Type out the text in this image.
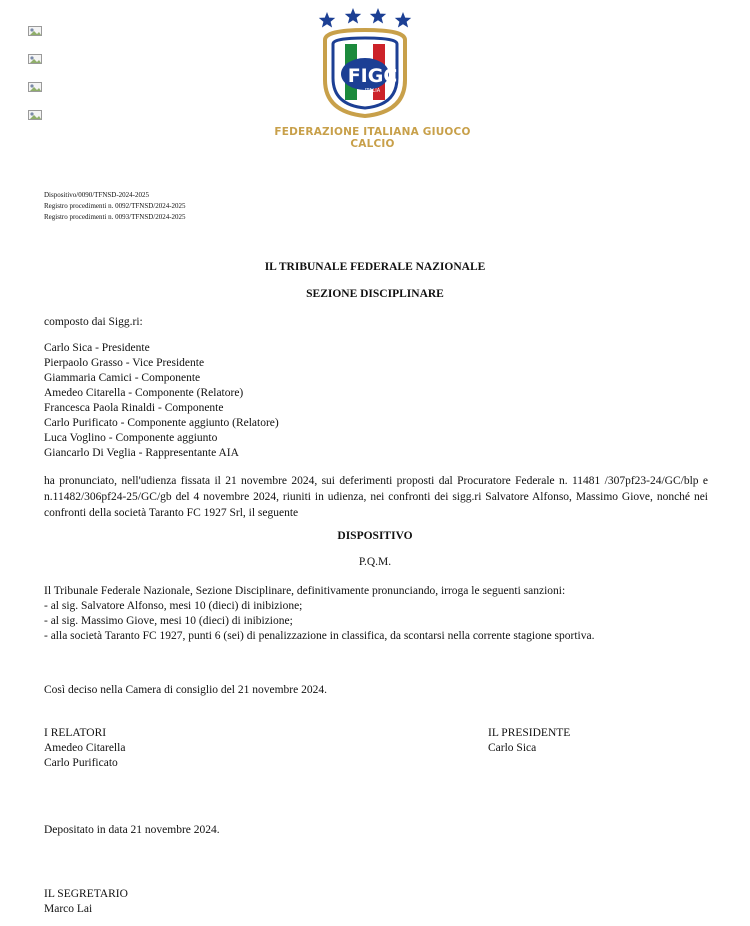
FIGC
ITALIA
FEDERAZIONE ITALIANA GIUOCO CALCIO
Dispositivo/0090/TFNSD-2024-2025
Registro procedimenti n. 0092/TFNSD/2024-2025
Registro procedimenti n. 0093/TFNSD/2024-2025
IL TRIBUNALE FEDERALE NAZIONALE
SEZIONE DISCIPLINARE
composto dai Sigg.ri:
Carlo Sica - Presidente
Pierpaolo Grasso - Vice Presidente
Giammaria Camici - Componente
Amedeo Citarella - Componente (Relatore)
Francesca Paola Rinaldi - Componente
Carlo Purificato - Componente aggiunto (Relatore)
Luca Voglino - Componente aggiunto
Giancarlo Di Veglia - Rappresentante AIA
ha pronunciato, nell'udienza fissata il 21 novembre 2024, sui deferimenti proposti dal Procuratore Federale n. 11481 /307pf23-24/GC/blp e n.11482/306pf24-25/GC/gb del 4 novembre 2024, riuniti in udienza, nei confronti dei sigg.ri Salvatore Alfonso, Massimo Giove, nonché nei confronti della società Taranto FC 1927 Srl, il seguente
DISPOSITIVO
P.Q.M.
Il Tribunale Federale Nazionale, Sezione Disciplinare, definitivamente pronunciando, irroga le seguenti sanzioni:
- al sig. Salvatore Alfonso, mesi 10 (dieci) di inibizione;
- al sig. Massimo Giove, mesi 10 (dieci) di inibizione;
- alla società Taranto FC 1927, punti 6 (sei) di penalizzazione in classifica, da scontarsi nella corrente stagione sportiva.
Così deciso nella Camera di consiglio del 21 novembre 2024.
I RELATORI
Amedeo Citarella
Carlo Purificato
IL PRESIDENTE
Carlo Sica
Depositato in data 21 novembre 2024.
IL SEGRETARIO
Marco Lai
